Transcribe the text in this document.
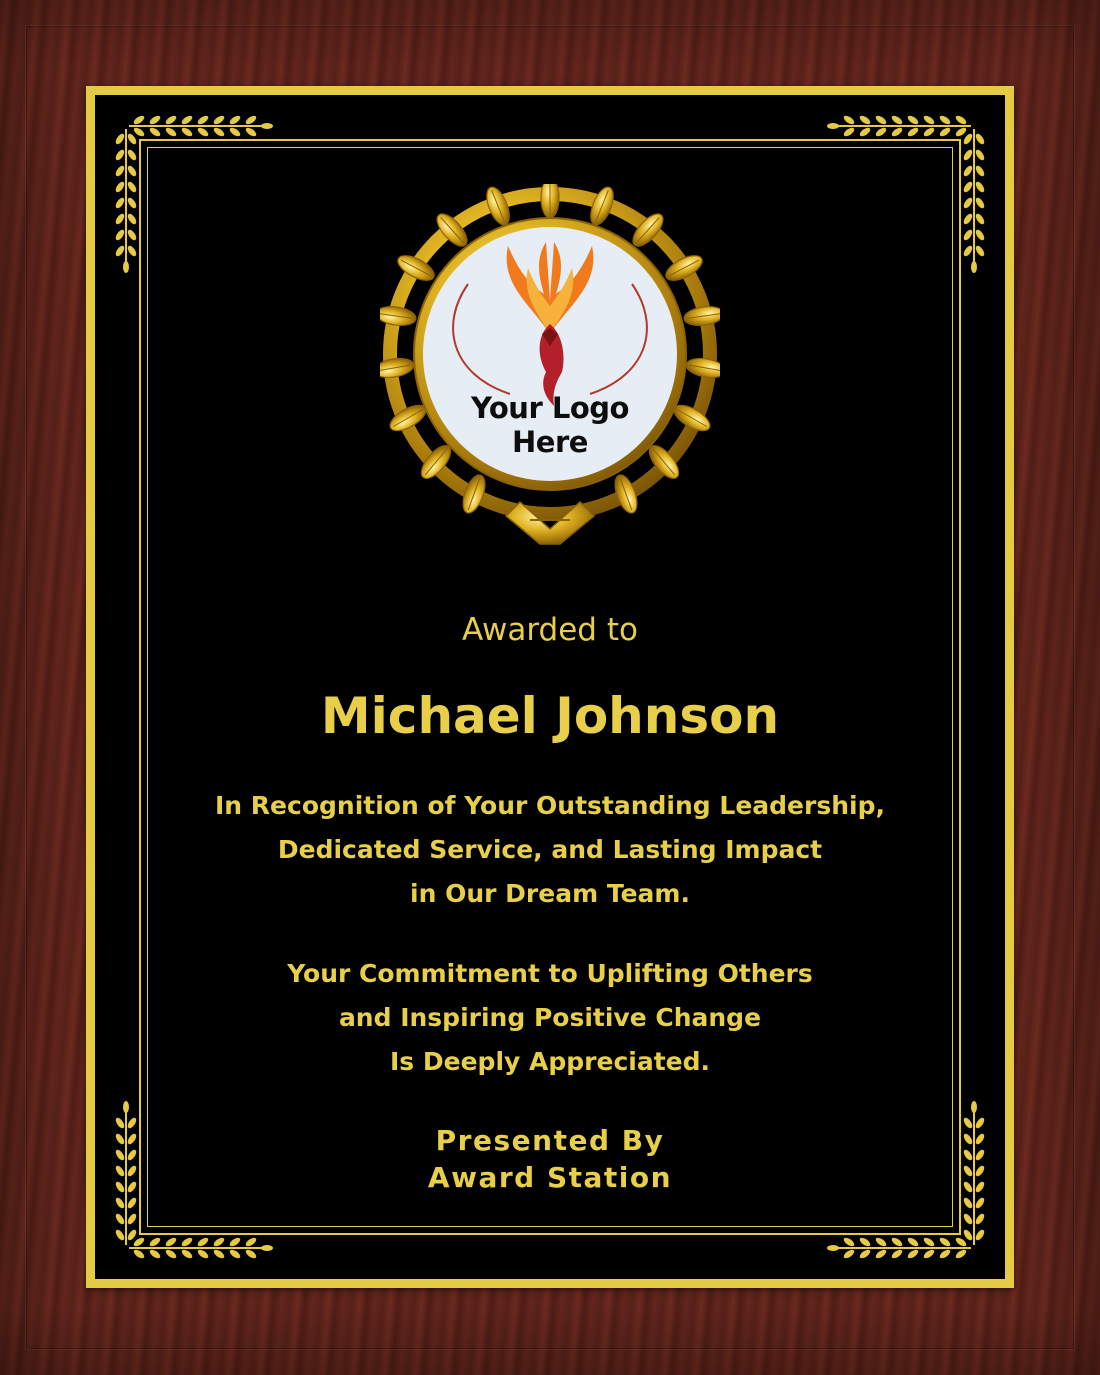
Your Logo
Here

Awarded to

Michael Johnson

In Recognition of Your Outstanding Leadership,
Dedicated Service, and Lasting Impact
in Our Dream Team.
Your Commitment to Uplifting Others
and Inspiring Positive Change
Is Deeply Appreciated.
Presented By
Award Station
